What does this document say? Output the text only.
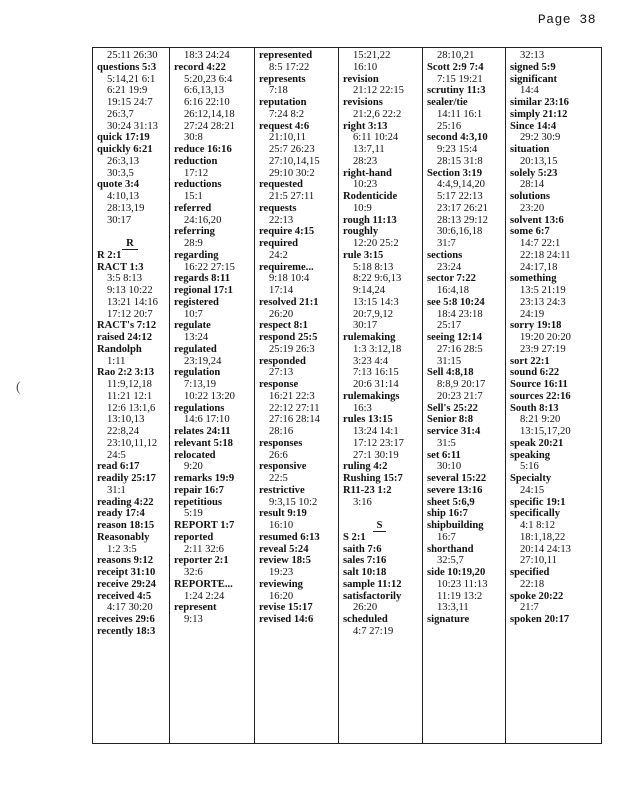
Page 38
(
25:11 26:30
questions 5:3
5:14,21 6:1
6:21 19:9
19:15 24:7
26:3,7
30:24 31:13
quick 17:19
quickly 6:21
26:3,13
30:3,5
quote 3:4
4:10,13
28:13,19
30:17

R
R 2:1
RACT 1:3
3:5 8:13
9:13 10:22
13:21 14:16
17:12 20:7
RACT's 7:12
raised 24:12
Randolph
1:11
Rao 2:2 3:13
11:9,12,18
11:21 12:1
12:6 13:1,6
13:10,13
22:8,24
23:10,11,12
24:5
read 6:17
readily 25:17
31:1
reading 4:22
ready 17:4
reason 18:15
Reasonably
1:2 3:5
reasons 9:12
receipt 31:10
receive 29:24
received 4:5
4:17 30:20
receives 29:6
recently 18:3
18:3 24:24
record 4:22
5:20,23 6:4
6:6,13,13
6:16 22:10
26:12,14,18
27:24 28:21
30:8
reduce 16:16
reduction
17:12
reductions
15:1
referred
24:16,20
referring
28:9
regarding
16:22 27:15
regards 8:11
regional 17:1
registered
10:7
regulate
13:24
regulated
23:19,24
regulation
7:13,19
10:22 13:20
regulations
14:6 17:10
relates 24:11
relevant 5:18
relocated
9:20
remarks 19:9
repair 16:7
repetitious
5:19
REPORT 1:7
reported
2:11 32:6
reporter 2:1
32:6
REPORTE...
1:24 2:24
represent
9:13
represented
8:5 17:22
represents
7:18
reputation
7:24 8:2
request 4:6
21:10,11
25:7 26:23
27:10,14,15
29:10 30:2
requested
21:5 27:11
requests
22:13
require 4:15
required
24:2
requireme...
9:18 10:4
17:14
resolved 21:1
26:20
respect 8:1
respond 25:5
25:19 26:3
responded
27:13
response
16:21 22:3
22:12 27:11
27:16 28:14
28:16
responses
26:6
responsive
22:5
restrictive
9:3,15 10:2
result 9:19
16:10
resumed 6:13
reveal 5:24
review 18:5
19:23
reviewing
16:20
revise 15:17
revised 14:6
15:21,22
16:10
revision
21:12 22:15
revisions
21:2,6 22:2
right 3:13
6:11 10:24
13:7,11
28:23
right-hand
10:23
Rodenticide
10:9
rough 11:13
roughly
12:20 25:2
rule 3:15
5:18 8:13
8:22 9:6,13
9:14,24
13:15 14:3
20:7,9,12
30:17
rulemaking
1:3 3:12,18
3:23 4:4
7:13 16:15
20:6 31:14
rulemakings
16:3
rules 13:15
13:24 14:1
17:12 23:17
27:1 30:19
ruling 4:2
Rushing 15:7
R11-23 1:2
3:16

S
S 2:1
saith 7:6
sales 7:16
salt 10:18
sample 11:12
satisfactorily
26:20
scheduled
4:7 27:19
28:10,21
Scott 2:9 7:4
7:15 19:21
scrutiny 11:3
sealer/tie
14:11 16:1
25:16
second 4:3,10
9:23 15:4
28:15 31:8
Section 3:19
4:4,9,14,20
5:17 22:13
23:17 26:21
28:13 29:12
30:6,16,18
31:7
sections
23:24
sector 7:22
16:4,18
see 5:8 10:24
18:4 23:18
25:17
seeing 12:14
27:16 28:5
31:15
Sell 4:8,18
8:8,9 20:17
20:23 21:7
Sell's 25:22
Senior 8:8
service 31:4
31:5
set 6:11
30:10
several 15:22
severe 13:16
sheet 5:6,9
ship 16:7
shipbuilding
16:7
shorthand
32:5,7
side 10:19,20
10:23 11:13
11:19 13:2
13:3,11
signature
32:13
signed 5:9
significant
14:4
similar 23:16
simply 21:12
Since 14:4
29:2 30:9
situation
20:13,15
solely 5:23
28:14
solutions
23:20
solvent 13:6
some 6:7
14:7 22:1
22:18 24:11
24:17,18
something
13:5 21:19
23:13 24:3
24:19
sorry 19:18
19:20 20:20
23:9 27:19
sort 22:1
sound 6:22
Source 16:11
sources 22:16
South 8:13
8:21 9:20
13:15,17,20
speak 20:21
speaking
5:16
Specialty
24:15
specific 19:1
specifically
4:1 8:12
18:1,18,22
20:14 24:13
27:10,11
specified
22:18
spoke 20:22
21:7
spoken 20:17
